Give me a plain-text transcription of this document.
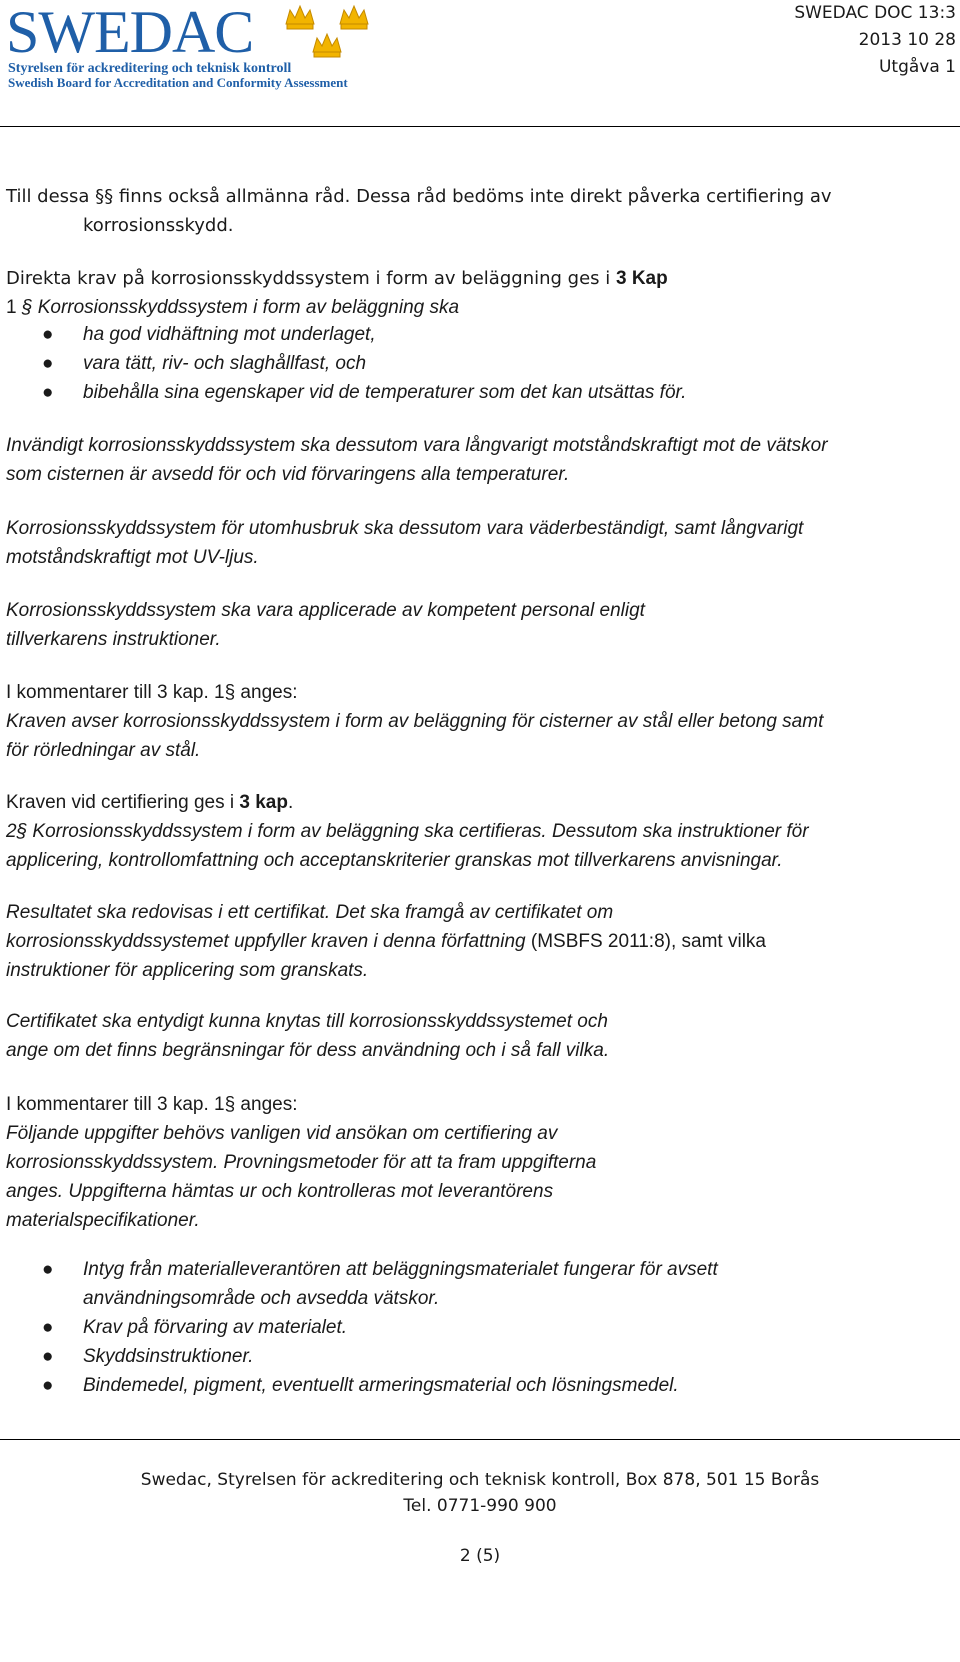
SWEDAC
Styrelsen för ackreditering och teknisk kontroll
Swedish Board for Accreditation and Conformity Assessment
SWEDAC DOC 13:3
2013 10 28
Utgåva 1
Till dessa §§ finns också allmänna råd. Dessa råd bedöms inte direkt påverka certifiering av
korrosionsskydd.
Direkta krav på korrosionsskyddssystem i form av beläggning ges i 3 Kap
1 § Korrosionsskyddssystem i form av beläggning ska
● ha god vidhäftning mot underlaget,
● vara tätt, riv- och slaghållfast, och
● bibehålla sina egenskaper vid de temperaturer som det kan utsättas för.
Invändigt korrosionsskyddssystem ska dessutom vara långvarigt motståndskraftigt mot de vätskor
som cisternen är avsedd för och vid förvaringens alla temperaturer.
Korrosionsskyddssystem för utomhusbruk ska dessutom vara väderbeständigt, samt långvarigt
motståndskraftigt mot UV-ljus.
Korrosionsskyddssystem ska vara applicerade av kompetent personal enligt
tillverkarens instruktioner.
I kommentarer till 3 kap. 1§ anges:
Kraven avser korrosionsskyddssystem i form av beläggning för cisterner av stål eller betong samt
för rörledningar av stål.
Kraven vid certifiering ges i 3 kap.
2§ Korrosionsskyddssystem i form av beläggning ska certifieras. Dessutom ska instruktioner för
applicering, kontrollomfattning och acceptanskriterier granskas mot tillverkarens anvisningar.
Resultatet ska redovisas i ett certifikat. Det ska framgå av certifikatet om
korrosionsskyddssystemet uppfyller kraven i denna författning (MSBFS 2011:8), samt vilka
instruktioner för applicering som granskats.
Certifikatet ska entydigt kunna knytas till korrosionsskyddssystemet och
ange om det finns begränsningar för dess användning och i så fall vilka.
I kommentarer till 3 kap. 1§ anges:
Följande uppgifter behövs vanligen vid ansökan om certifiering av
korrosionsskyddssystem. Provningsmetoder för att ta fram uppgifterna
anges. Uppgifterna hämtas ur och kontrolleras mot leverantörens
materialspecifikationer.
● Intyg från materialleverantören att beläggningsmaterialet fungerar för avsett
användningsområde och avsedda vätskor.
● Krav på förvaring av materialet.
● Skyddsinstruktioner.
● Bindemedel, pigment, eventuellt armeringsmaterial och lösningsmedel.
Swedac, Styrelsen för ackreditering och teknisk kontroll, Box 878, 501 15 Borås
Tel. 0771-990 900
2 (5)
